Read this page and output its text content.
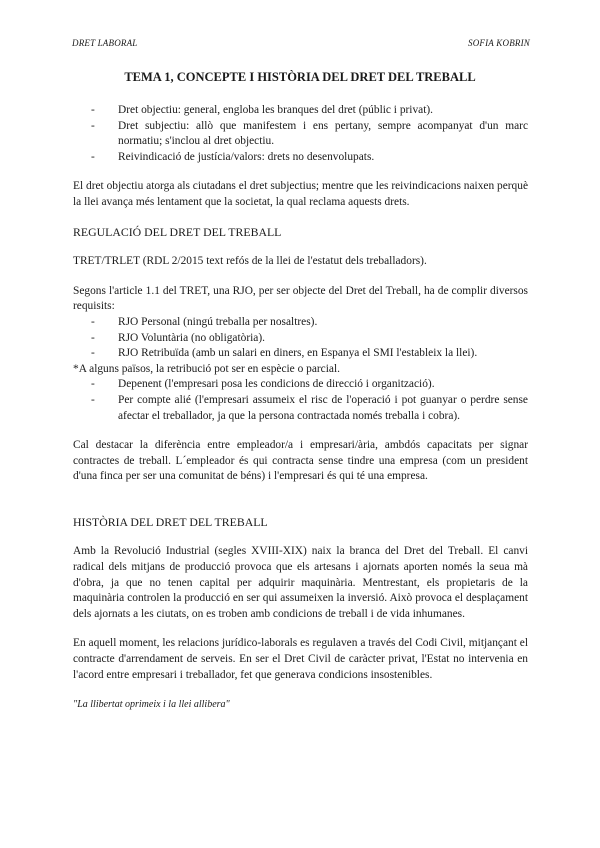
DRET LABORAL	SOFIA KOBRIN
TEMA 1, CONCEPTE I HISTÒRIA DEL DRET DEL TREBALL
- Dret objectiu: general, engloba les branques del dret (públic i privat).
- Dret subjectiu: allò que manifestem i ens pertany, sempre acompanyat d'un marc normatiu; s'inclou al dret objectiu.
- Reivindicació de justícia/valors: drets no desenvolupats.

El dret objectiu atorga als ciutadans el dret subjectius; mentre que les reivindicacions naixen perquè la llei avança més lentament que la societat, la qual reclama aquests drets.

REGULACIÓ DEL DRET DEL TREBALL

TRET/TRLET (RDL 2/2015 text refós de la llei de l'estatut dels treballadors).

Segons l'article 1.1 del TRET, una RJO, per ser objecte del Dret del Treball, ha de complir diversos requisits:

- RJO Personal (ningú treballa per nosaltres).
- RJO Voluntària (no obligatòria).
- RJO Retribuïda (amb un salari en diners, en Espanya el SMI l'estableix la llei).

*A alguns països, la retribució pot ser en espècie o parcial.

- Depenent (l'empresari posa les condicions de direcció i organització).
- Per compte alié (l'empresari assumeix el risc de l'operació i pot guanyar o perdre sense afectar el treballador, ja que la persona contractada només treballa i cobra).

Cal destacar la diferència entre empleador/a i empresari/ària, ambdós capacitats per signar contractes de treball. L´empleador és qui contracta sense tindre una empresa (com un president d'una finca per ser una comunitat de béns) i l'empresari és qui té una empresa.

HISTÒRIA DEL DRET DEL TREBALL

Amb la Revolució Industrial (segles XVIII-XIX) naix la branca del Dret del Treball. El canvi radical dels mitjans de producció provoca que els artesans i ajornats aporten només la seua mà d'obra, ja que no tenen capital per adquirir maquinària. Mentrestant, els propietaris de la maquinària controlen la producció en ser qui assumeixen la inversió. Això provoca el desplaçament dels ajornats a les ciutats, on es troben amb condicions de treball i de vida inhumanes.

En aquell moment, les relacions jurídico-laborals es regulaven a través del Codi Civil, mitjançant el contracte d'arrendament de serveis. En ser el Dret Civil de caràcter privat, l'Estat no intervenia en l'acord entre empresari i treballador, fet que generava condicions insostenibles.

"La llibertat oprimeix i la llei allibera"
